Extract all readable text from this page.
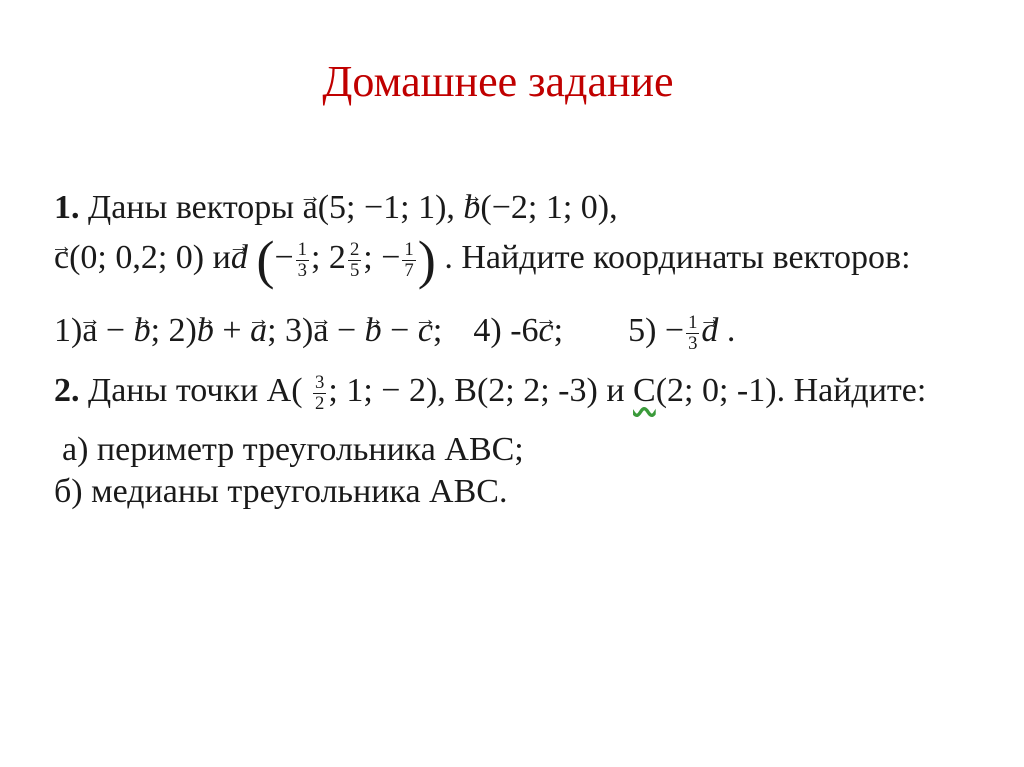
Домашнее задание
1. Даны векторы a →(5; −1; 1), b →(−2; 1; 0),
c →(0; 0,2; 0) иd → (− $\frac{1}{3}$ ; $2 \frac{2}{5}$ ; − $\frac{1}{7}$ ) . Найдите координаты векторов:
1)a → − b →; 2)b → + a →; 3)a → − b → − c →; 4) -6c →; $5) - \frac{1}{3}$ d → .
2. Даны точки $А( \frac{3}{2}$ ; 1; − 2), В(2; 2; -3) и С(2; 0; -1). Найдите:
а) периметр треугольника АВС;
б) медианы треугольника АВС.
